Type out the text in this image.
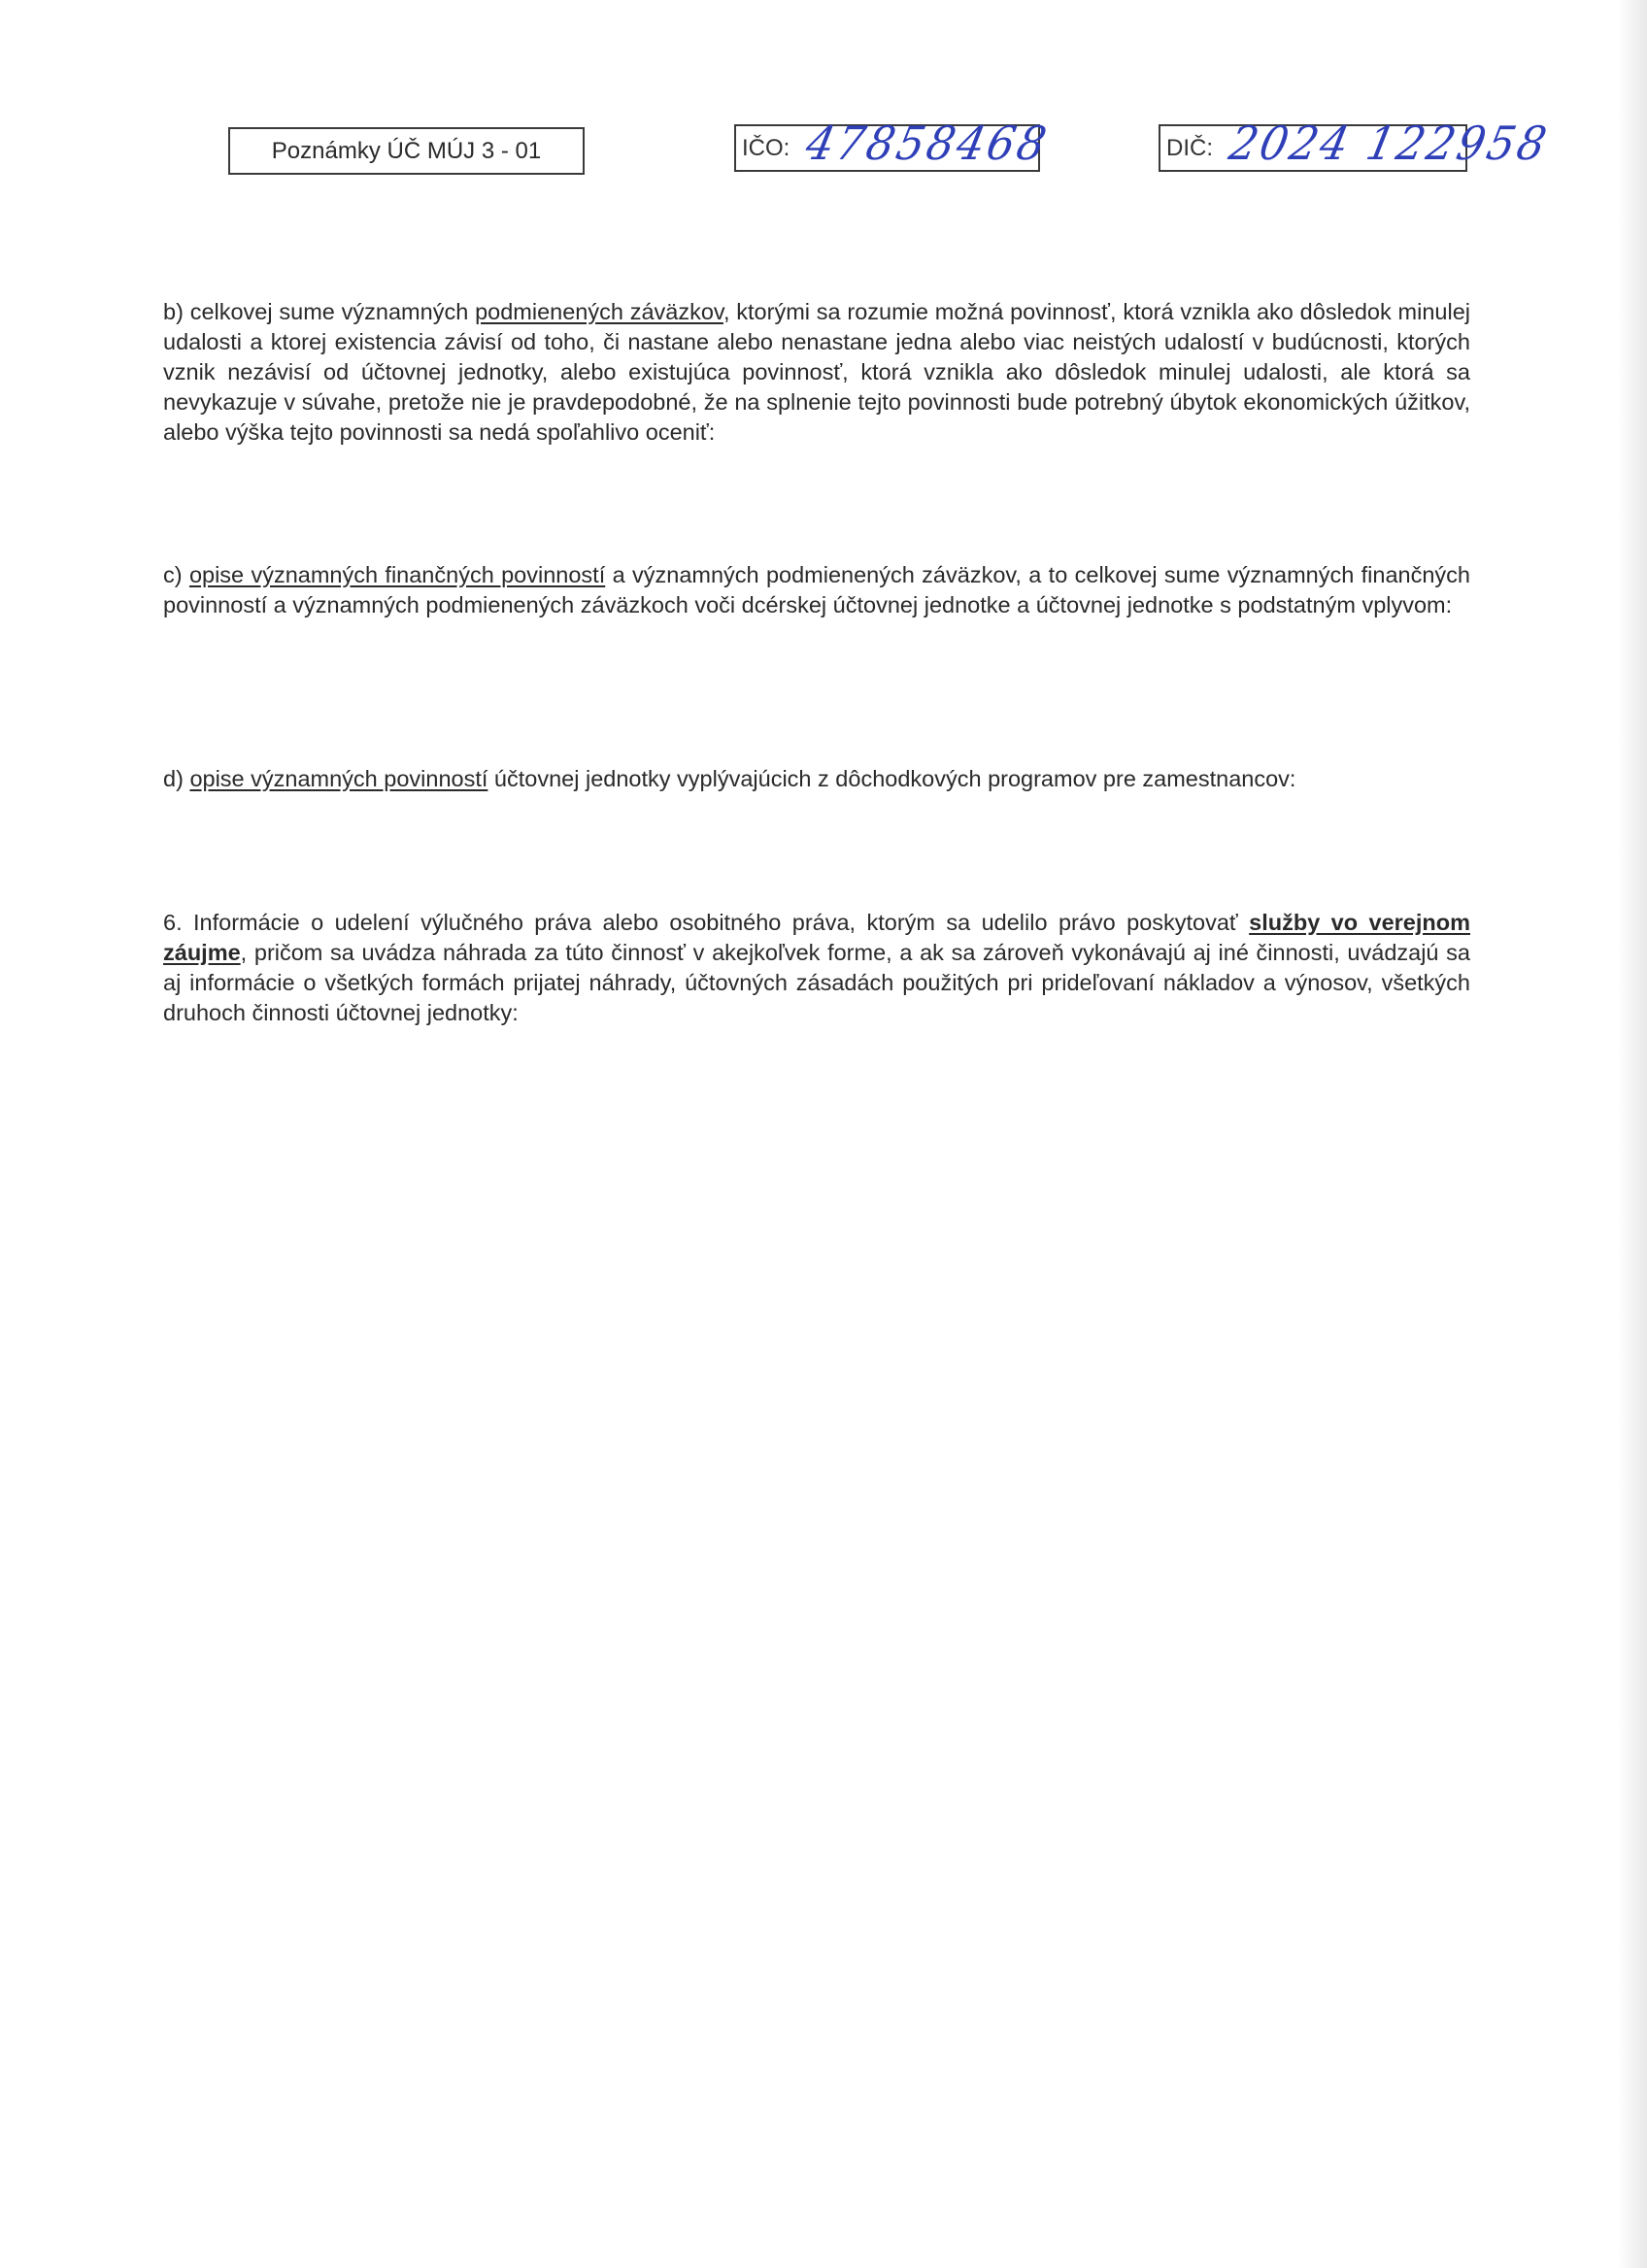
Poznámky ÚČ MÚJ 3 - 01	IČO: 47858468	DIČ: 2024 122958

b) celkovej sume významných podmienených záväzkov, ktorými sa rozumie možná povinnosť, ktorá vznikla ako dôsledok minulej udalosti a ktorej existencia závisí od toho, či nastane alebo nenastane jedna alebo viac neistých udalostí v budúcnosti, ktorých vznik nezávisí od účtovnej jednotky, alebo existujúca povinnosť, ktorá vznikla ako dôsledok minulej udalosti, ale ktorá sa nevykazuje v súvahe, pretože nie je pravdepodobné, že na splnenie tejto povinnosti bude potrebný úbytok ekonomických úžitkov, alebo výška tejto povinnosti sa nedá spoľahlivo oceniť:

c) opise významných finančných povinností a významných podmienených záväzkov, a to celkovej sume významných finančných povinností a významných podmienených záväzkoch voči dcérskej účtovnej jednotke a účtovnej jednotke s podstatným vplyvom:

d) opise významných povinností účtovnej jednotky vyplývajúcich z dôchodkových programov pre zamestnancov:

6. Informácie o udelení výlučného práva alebo osobitného práva, ktorým sa udelilo právo poskytovať služby vo verejnom záujme, pričom sa uvádza náhrada za túto činnosť v akejkoľvek forme, a ak sa zároveň vykonávajú aj iné činnosti, uvádzajú sa aj informácie o všetkých formách prijatej náhrady, účtovných zásadách použitých pri prideľovaní nákladov a výnosov, všetkých druhoch činnosti účtovnej jednotky:
